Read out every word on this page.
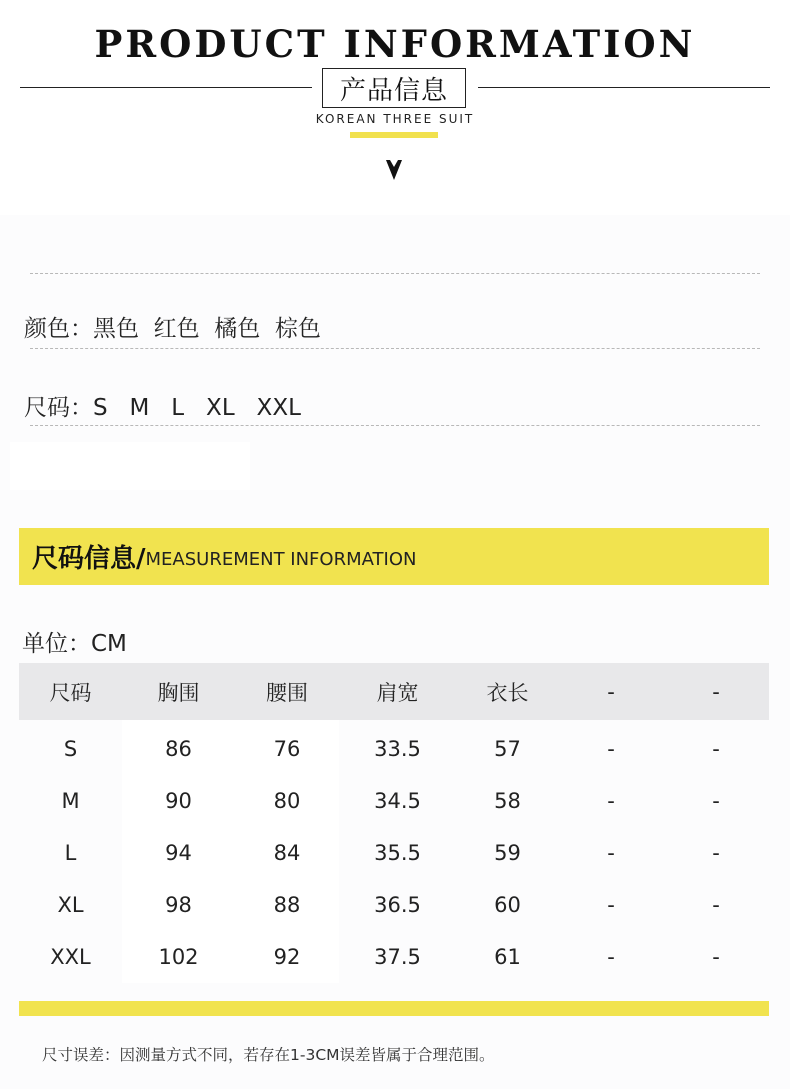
PRODUCT INFORMATION
产品信息
KOREAN THREE SUIT
颜色：黑色  红色  橘色  棕色
尺码：S   M   L   XL   XXL
尺码信息/ MEASUREMENT INFORMATION
单位：CM
尺码	胸围	腰围	肩宽	衣长	-	-
S	86	76	33.5	57	-	-
M	90	80	34.5	58	-	-
L	94	84	35.5	59	-	-
XL	98	88	36.5	60	-	-
XXL	102	92	37.5	61	-	-
尺寸误差：因测量方式不同，若存在1-3CM误差皆属于合理范围。
